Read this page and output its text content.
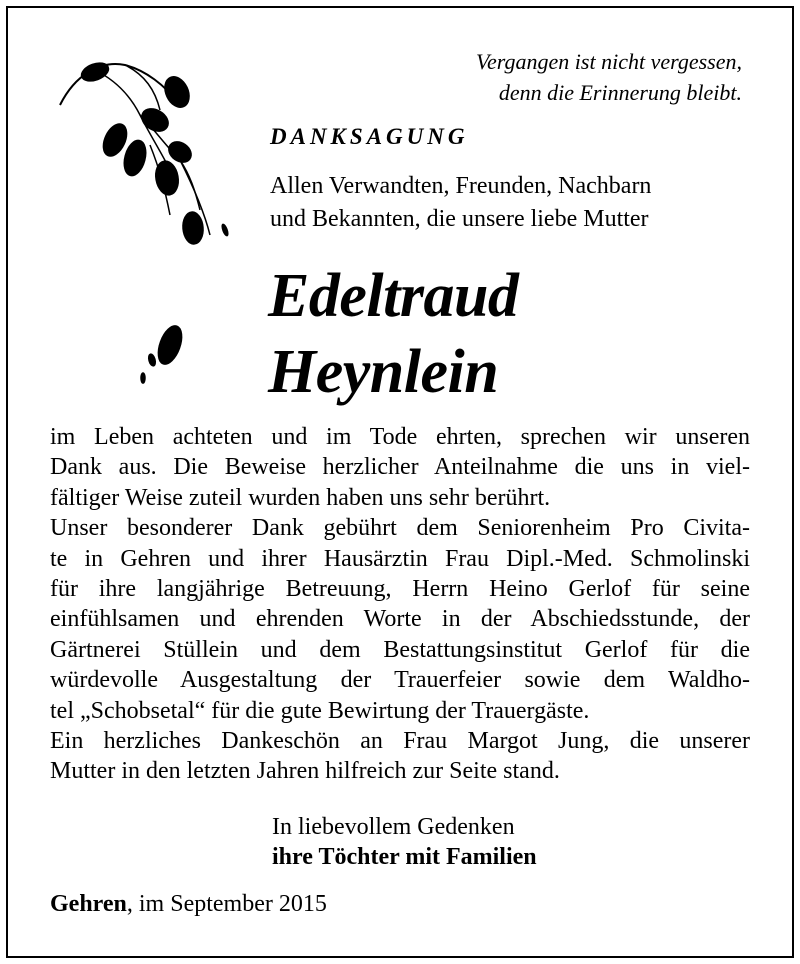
Vergangen ist nicht vergessen,
denn die Erinnerung bleibt.
DANKSAGUNG
Allen Verwandten, Freunden, Nachbarn
und Bekannten, die unsere liebe Mutter
Edeltraud
Heynlein
im Leben achteten und im Tode ehrten, sprechen wir unseren
Dank aus. Die Beweise herzlicher Anteilnahme die uns in viel-
fältiger Weise zuteil wurden haben uns sehr berührt.
Unser besonderer Dank gebührt dem Seniorenheim Pro Civita-
te in Gehren und ihrer Hausärztin Frau Dipl.-Med. Schmolinski
für ihre langjährige Betreuung, Herrn Heino Gerlof für seine
einfühlsamen und ehrenden Worte in der Abschiedsstunde, der
Gärtnerei Stüllein und dem Bestattungsinstitut Gerlof für die
würdevolle Ausgestaltung der Trauerfeier sowie dem Waldho-
tel „Schobsetal“ für die gute Bewirtung der Trauergäste.
Ein herzliches Dankeschön an Frau Margot Jung, die unserer
Mutter in den letzten Jahren hilfreich zur Seite stand.
In liebevollem Gedenken
ihre Töchter mit Familien
Gehren, im September 2015
